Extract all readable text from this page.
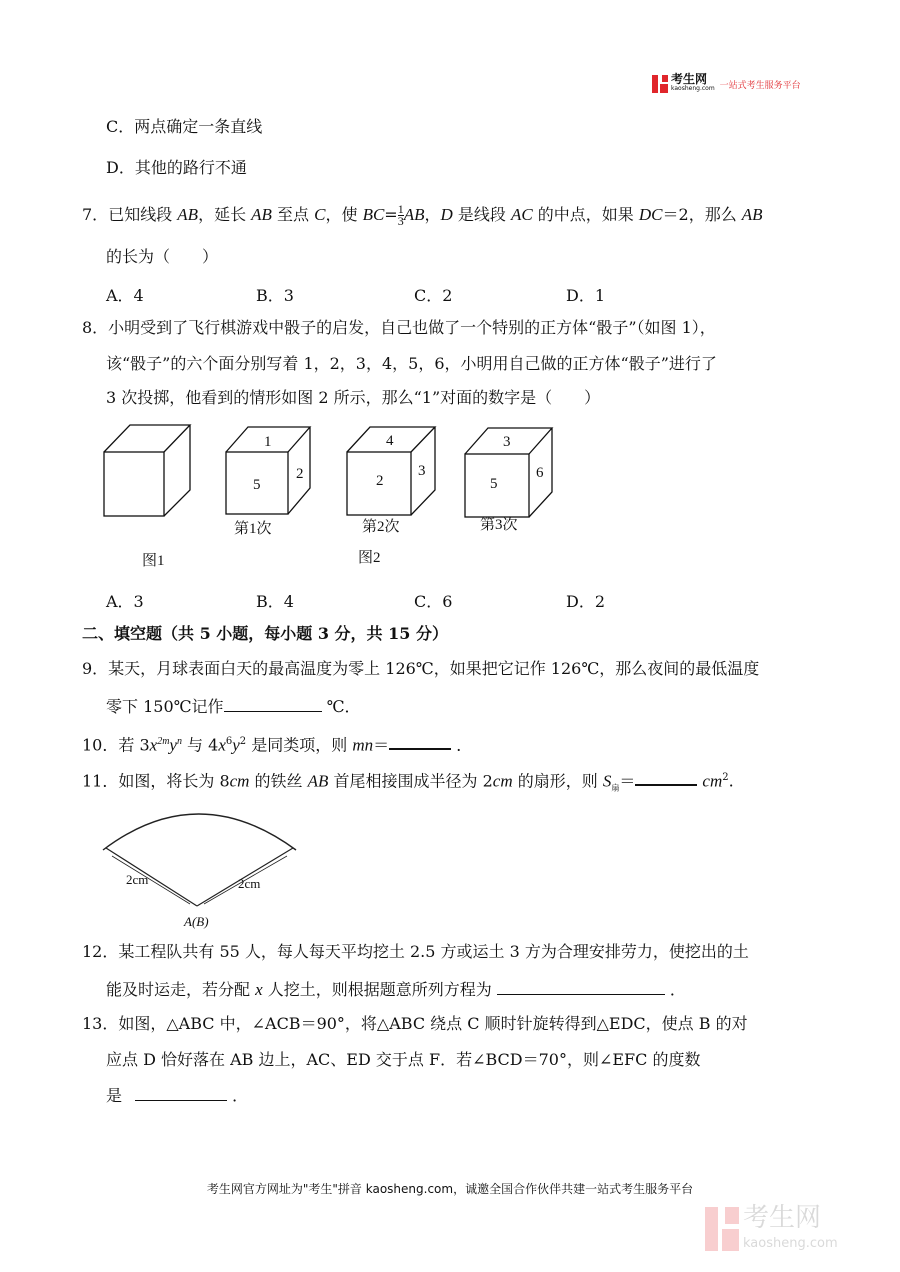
考生网
kaosheng.com 一站式考生服务平台
C．两点确定一条直线
D．其他的路行不通
7．已知线段 AB，延长 AB 至点 C，使 $BC= \frac{1}{3}$ AB，D 是线段 AC 的中点，如果 DC＝2，那么 AB
的长为（　　）
A．4	B．3	C．2	D．1
8．小明受到了飞行棋游戏中骰子的启发，自己也做了一个特别的正方体“骰子”（如图 1），
该“骰子”的六个面分别写着 1，2，3，4，5，6，小明用自己做的正方体“骰子”进行了
3 次投掷，他看到的情形如图 2 所示，那么“1”对面的数字是（　　）
1
5
2
4
2
3
3
5
6
第1次	第2次	第3次
图1	图2
A．3	B．4	C．6	D．2
二、填空题（共 5 小题，每小题 3 分，共 15 分）
9．某天，月球表面白天的最高温度为零上 126℃，如果把它记作 126℃，那么夜间的最低温度
零下 150℃记作	℃．
10．若 $3x^{2m}y^n$ 与 $4x^6y^2$ 是同类项，则 mn＝	．
11．如图，将长为 8cm 的铁丝 AB 首尾相接围成半径为 2cm 的扇形，则 $S_扇=$	$cm^2$.
2cm	2cm
A(B)
12．某工程队共有 55 人，每人每天平均挖土 2.5 方或运土 3 方为合理安排劳力，使挖出的土
能及时运走，若分配 x 人挖土，则根据题意所列方程为	．
13．如图，△ABC 中，∠ACB＝90°，将△ABC 绕点 C 顺时针旋转得到△EDC，使点 B 的对
应点 D 恰好落在 AB 边上，AC、ED 交于点 F．若∠BCD＝70°，则∠EFC 的度数
是	．
考生网官方网址为"考生"拼音 kaosheng.com，诚邀全国合作伙伴共建一站式考生服务平台
考生网
kaosheng.com
